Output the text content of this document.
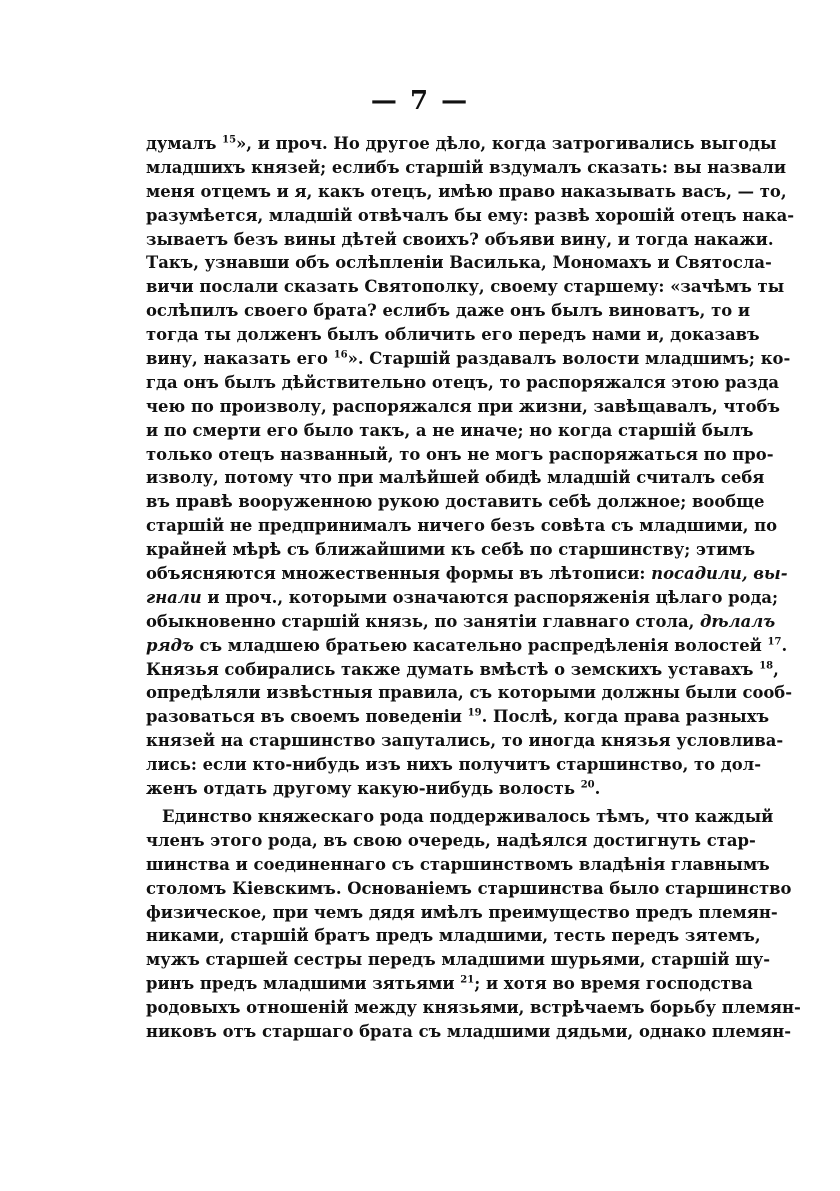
— 7 —
думалъ $^{15}$», и проч. Но другое дѣло, когда затрогивались выгоды
младшихъ князей; еслибъ старшій вздумалъ сказать: вы назвали
меня отцемъ и я, какъ отецъ, имѣю право наказывать васъ, — то,
разумѣется, младшій отвѣчалъ бы ему: развѣ хорошій отецъ нака-
зываетъ безъ вины дѣтей своихъ? объяви вину, и тогда накажи.
Такъ, узнавши объ ослѣпленіи Василька, Мономахъ и Святосла-
вичи послали сказать Святополку, своему старшему: «зачѣмъ ты
ослѣпилъ своего брата? еслибъ даже онъ былъ виноватъ, то и
тогда ты долженъ былъ обличить его передъ нами и, доказавъ
вину, наказать его $^{16}$». Старшій раздавалъ волости младшимъ; ко-
гда онъ былъ дѣйствительно отецъ, то распоряжался этою разда
чею по произволу, распоряжался при жизни, завѣщавалъ, чтобъ
и по смерти его было такъ, а не иначе; но когда старшій былъ
только отецъ названный, то онъ не могъ распоряжаться по про-
изволу, потому что при малѣйшей обидѣ младшій считалъ себя
въ правѣ вооруженною рукою доставить себѣ должное; вообще
старшій не предпринималъ ничего безъ совѣта съ младшими, по
крайней мѣрѣ съ ближайшими къ себѣ по старшинству; этимъ
объясняются множественныя формы въ лѣтописи: посадили, вы-
гнали и проч., которыми означаются распоряженія цѣлаго рода;
обыкновенно старшій князь, по занятіи главнаго стола, дѣлалъ
рядъ съ младшею братьею касательно распредѣленія волостей $^{17}$.
Князья собирались также думать вмѣстѣ о земскихъ уставахъ $^{18}$,
опредѣляли извѣстныя правила, съ которыми должны были сооб-
разоваться въ своемъ поведеніи $^{19}$. Послѣ, когда права разныхъ
князей на старшинство запутались, то иногда князья условлива-
лись: если кто-нибудь изъ нихъ получитъ старшинство, то дол-
женъ отдать другому какую-нибудь волость $^{20}$.
Единство княжескаго рода поддерживалось тѣмъ, что каждый
членъ этого рода, въ свою очередь, надѣялся достигнуть стар-
шинства и соединеннаго съ старшинствомъ владѣнія главнымъ
столомъ Кіевскимъ. Основаніемъ старшинства было старшинство
физическое, при чемъ дядя имѣлъ преимущество предъ племян-
никами, старшій братъ предъ младшими, тесть передъ зятемъ,
мужъ старшей сестры передъ младшими шурьями, старшій шу-
ринъ предъ младшими зятьями $^{21}$; и хотя во время господства
родовыхъ отношеній между князьями, встрѣчаемъ борьбу племян-
никовъ отъ старшаго брата съ младшими дядьми, однако племян-
